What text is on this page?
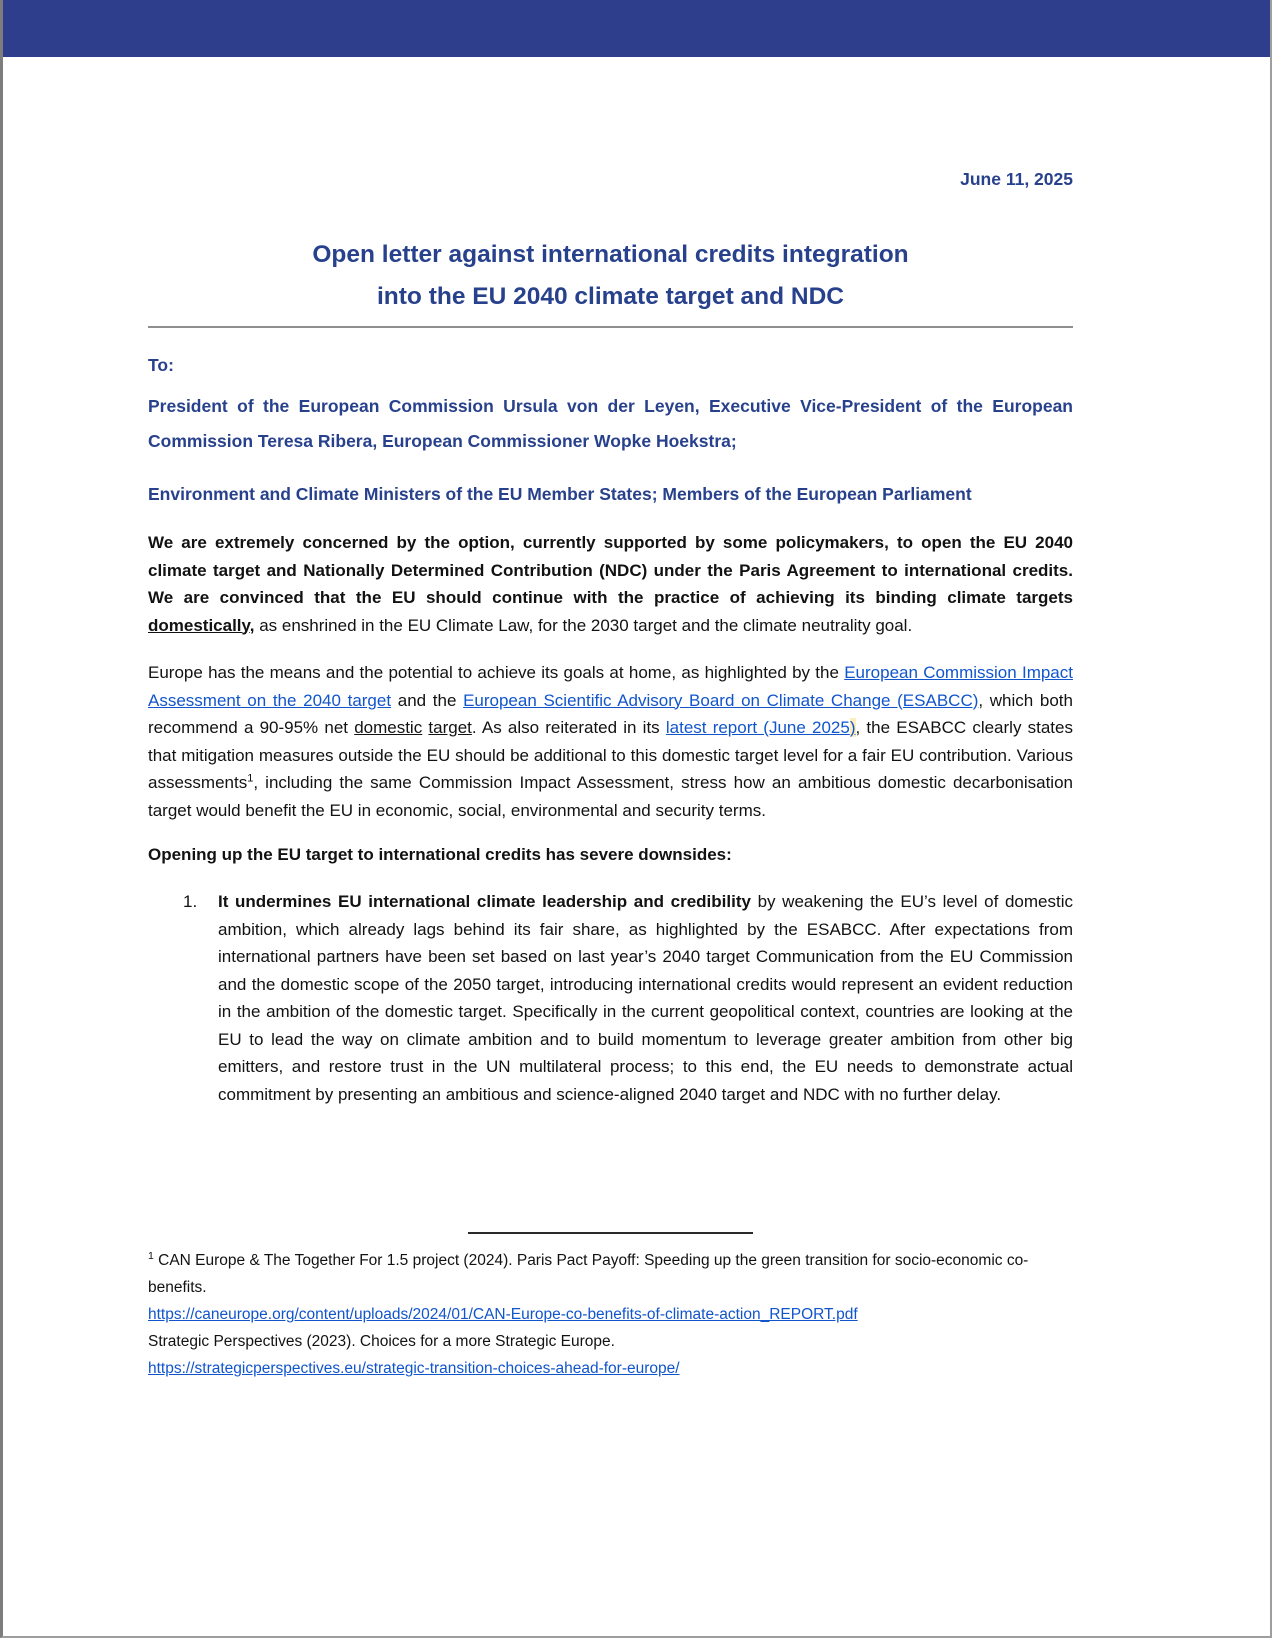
June 11, 2025
Open letter against international credits integration
into the EU 2040 climate target and NDC
To:

President of the European Commission Ursula von der Leyen, Executive Vice-President of the European Commission Teresa Ribera, European Commissioner Wopke Hoekstra;

Environment and Climate Ministers of the EU Member States; Members of the European Parliament

We are extremely concerned by the option, currently supported by some policymakers, to open the EU 2040 climate target and Nationally Determined Contribution (NDC) under the Paris Agreement to international credits. We are convinced that the EU should continue with the practice of achieving its binding climate targets domestically, as enshrined in the EU Climate Law, for the 2030 target and the climate neutrality goal.

Europe has the means and the potential to achieve its goals at home, as highlighted by the European Commission Impact Assessment on the 2040 target and the European Scientific Advisory Board on Climate Change (ESABCC), which both recommend a 90-95% net domestic target. As also reiterated in its latest report (June 2025), the ESABCC clearly states that mitigation measures outside the EU should be additional to this domestic target level for a fair EU contribution. Various assessments$^1$, including the same Commission Impact Assessment, stress how an ambitious domestic decarbonisation target would benefit the EU in economic, social, environmental and security terms.

Opening up the EU target to international credits has severe downsides:
1. It undermines EU international climate leadership and credibility by weakening the EU’s level of domestic ambition, which already lags behind its fair share, as highlighted by the ESABCC. After expectations from international partners have been set based on last year’s 2040 target Communication from the EU Commission and the domestic scope of the 2050 target, introducing international credits would represent an evident reduction in the ambition of the domestic target. Specifically in the current geopolitical context, countries are looking at the EU to lead the way on climate ambition and to build momentum to leverage greater ambition from other big emitters, and restore trust in the UN multilateral process; to this end, the EU needs to demonstrate actual commitment by presenting an ambitious and science-aligned 2040 target and NDC with no further delay.
$^1$ CAN Europe & The Together For 1.5 project (2024). Paris Pact Payoff: Speeding up the green transition for socio-economic co-benefits.
https://caneurope.org/content/uploads/2024/01/CAN-Europe-co-benefits-of-climate-action_REPORT.pdf
Strategic Perspectives (2023). Choices for a more Strategic Europe.
https://strategicperspectives.eu/strategic-transition-choices-ahead-for-europe/
